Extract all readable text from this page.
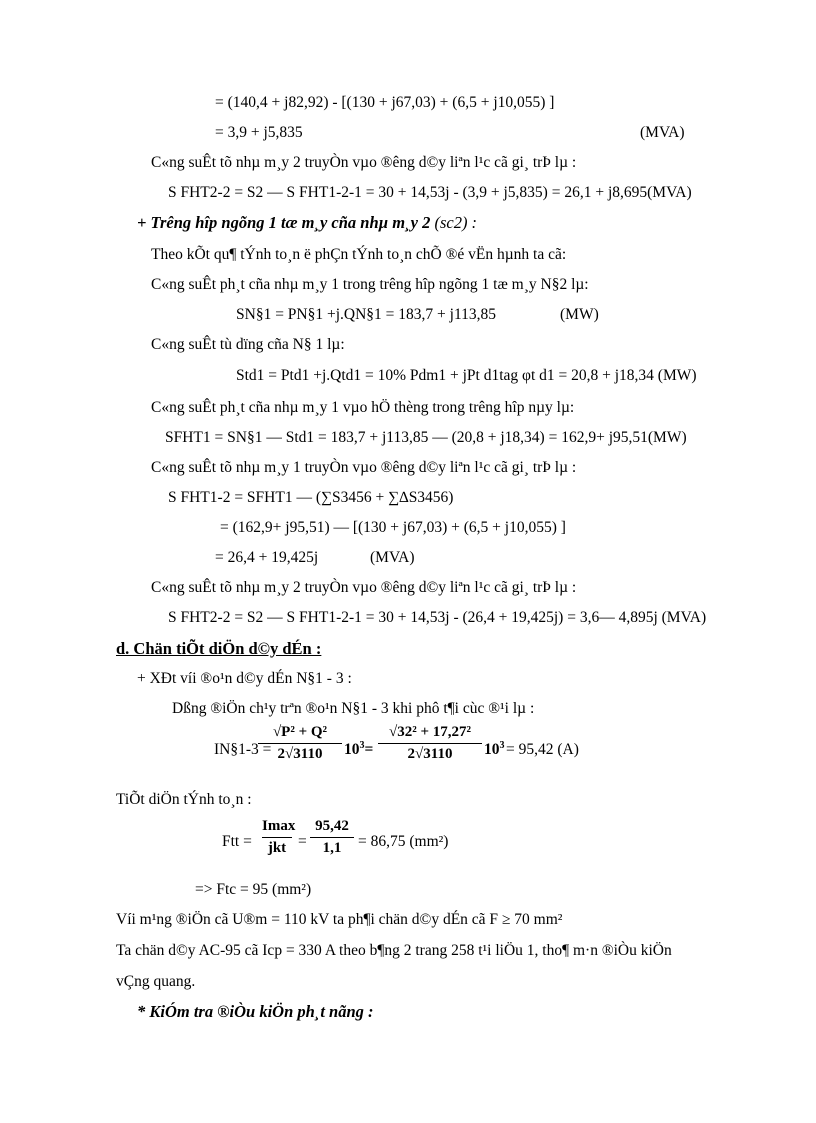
= (140,4 + j82,92) - [(130 + j67,03) + (6,5 + j10,055) ]
= 3,9 + j5,835	(MVA)
C«ng suÊt tõ nhµ m¸y 2 truyÒn vµo ®êng d©y liªn l¹c cã gi¸ trÞ lµ :
S FHT2-2 = S2 — S FHT1-2-1 = 30 + 14,53j - (3,9 + j5,835) = 26,1 + j8,695(MVA)
+ Trêng hîp ngõng 1 tæ m¸y cña nhµ m¸y 2 (sc2) :
Theo kÕt qu¶ tÝnh to¸n ë phÇn tÝnh to¸n chÕ ®é vËn hµnh ta cã:
C«ng suÊt ph¸t cña nhµ m¸y 1 trong trêng hîp ngõng 1 tæ m¸y N§2 lµ:
SN§1 = PN§1 +j.QN§1 = 183,7 + j113,85	(MW)
C«ng suÊt tù dïng cña N§ 1 lµ:
Std1 = Ptd1 +j.Qtd1 = 10% Pdm1 + jPt d1tag φt d1 = 20,8 + j18,34 (MW)
C«ng suÊt ph¸t cña nhµ m¸y 1 vµo hÖ thèng trong trêng hîp nµy lµ:
SFHT1 = SN§1 — Std1 = 183,7 + j113,85 — (20,8 + j18,34) = 162,9+ j95,51(MW)
C«ng suÊt tõ nhµ m¸y 1 truyÒn vµo ®êng d©y liªn l¹c cã gi¸ trÞ lµ :
S FHT1-2 = SFHT1 — (∑S3456 + ∑∆S3456)
= (162,9+ j95,51) — [(130 + j67,03) + (6,5 + j10,055) ]
= 26,4 + 19,425j	(MVA)
C«ng suÊt tõ nhµ m¸y 2 truyÒn vµo ®êng d©y liªn l¹c cã gi¸ trÞ lµ :
S FHT2-2 = S2 — S FHT1-2-1 = 30 + 14,53j - (26,4 + 19,425j) = 3,6— 4,895j (MVA)
d. Chän tiÕt diÖn d©y dÉn :
+ XÐt víi ®o¹n d©y dÉn N§1 - 3 :
Dßng ®iÖn ch¹y trªn ®o¹n N§1 - 3 khi phô t¶i cùc ®¹i lµ :
IN§1-3 =
√P² + Q²
2√3110	$10^3=$
√32² + 17,27²
2√3110	$10^3 = 95,42$ (A)
TiÕt diÖn tÝnh to¸n :
Ftt =
Imax
jkt =
95,42
1,1	= 86,75 (mm²)
=> Ftc = 95 (mm²)
Víi m¹ng ®iÖn cã U®m = 110 kV ta ph¶i chän d©y dÉn cã F ≥ 70 mm²
Ta chän d©y AC-95 cã Icp = 330 A theo b¶ng 2 trang 258 t¹i liÖu 1, tho¶ m·n ®iÒu kiÖn
vÇng quang.
* KiÓm tra ®iÒu kiÖn ph¸t nãng :
